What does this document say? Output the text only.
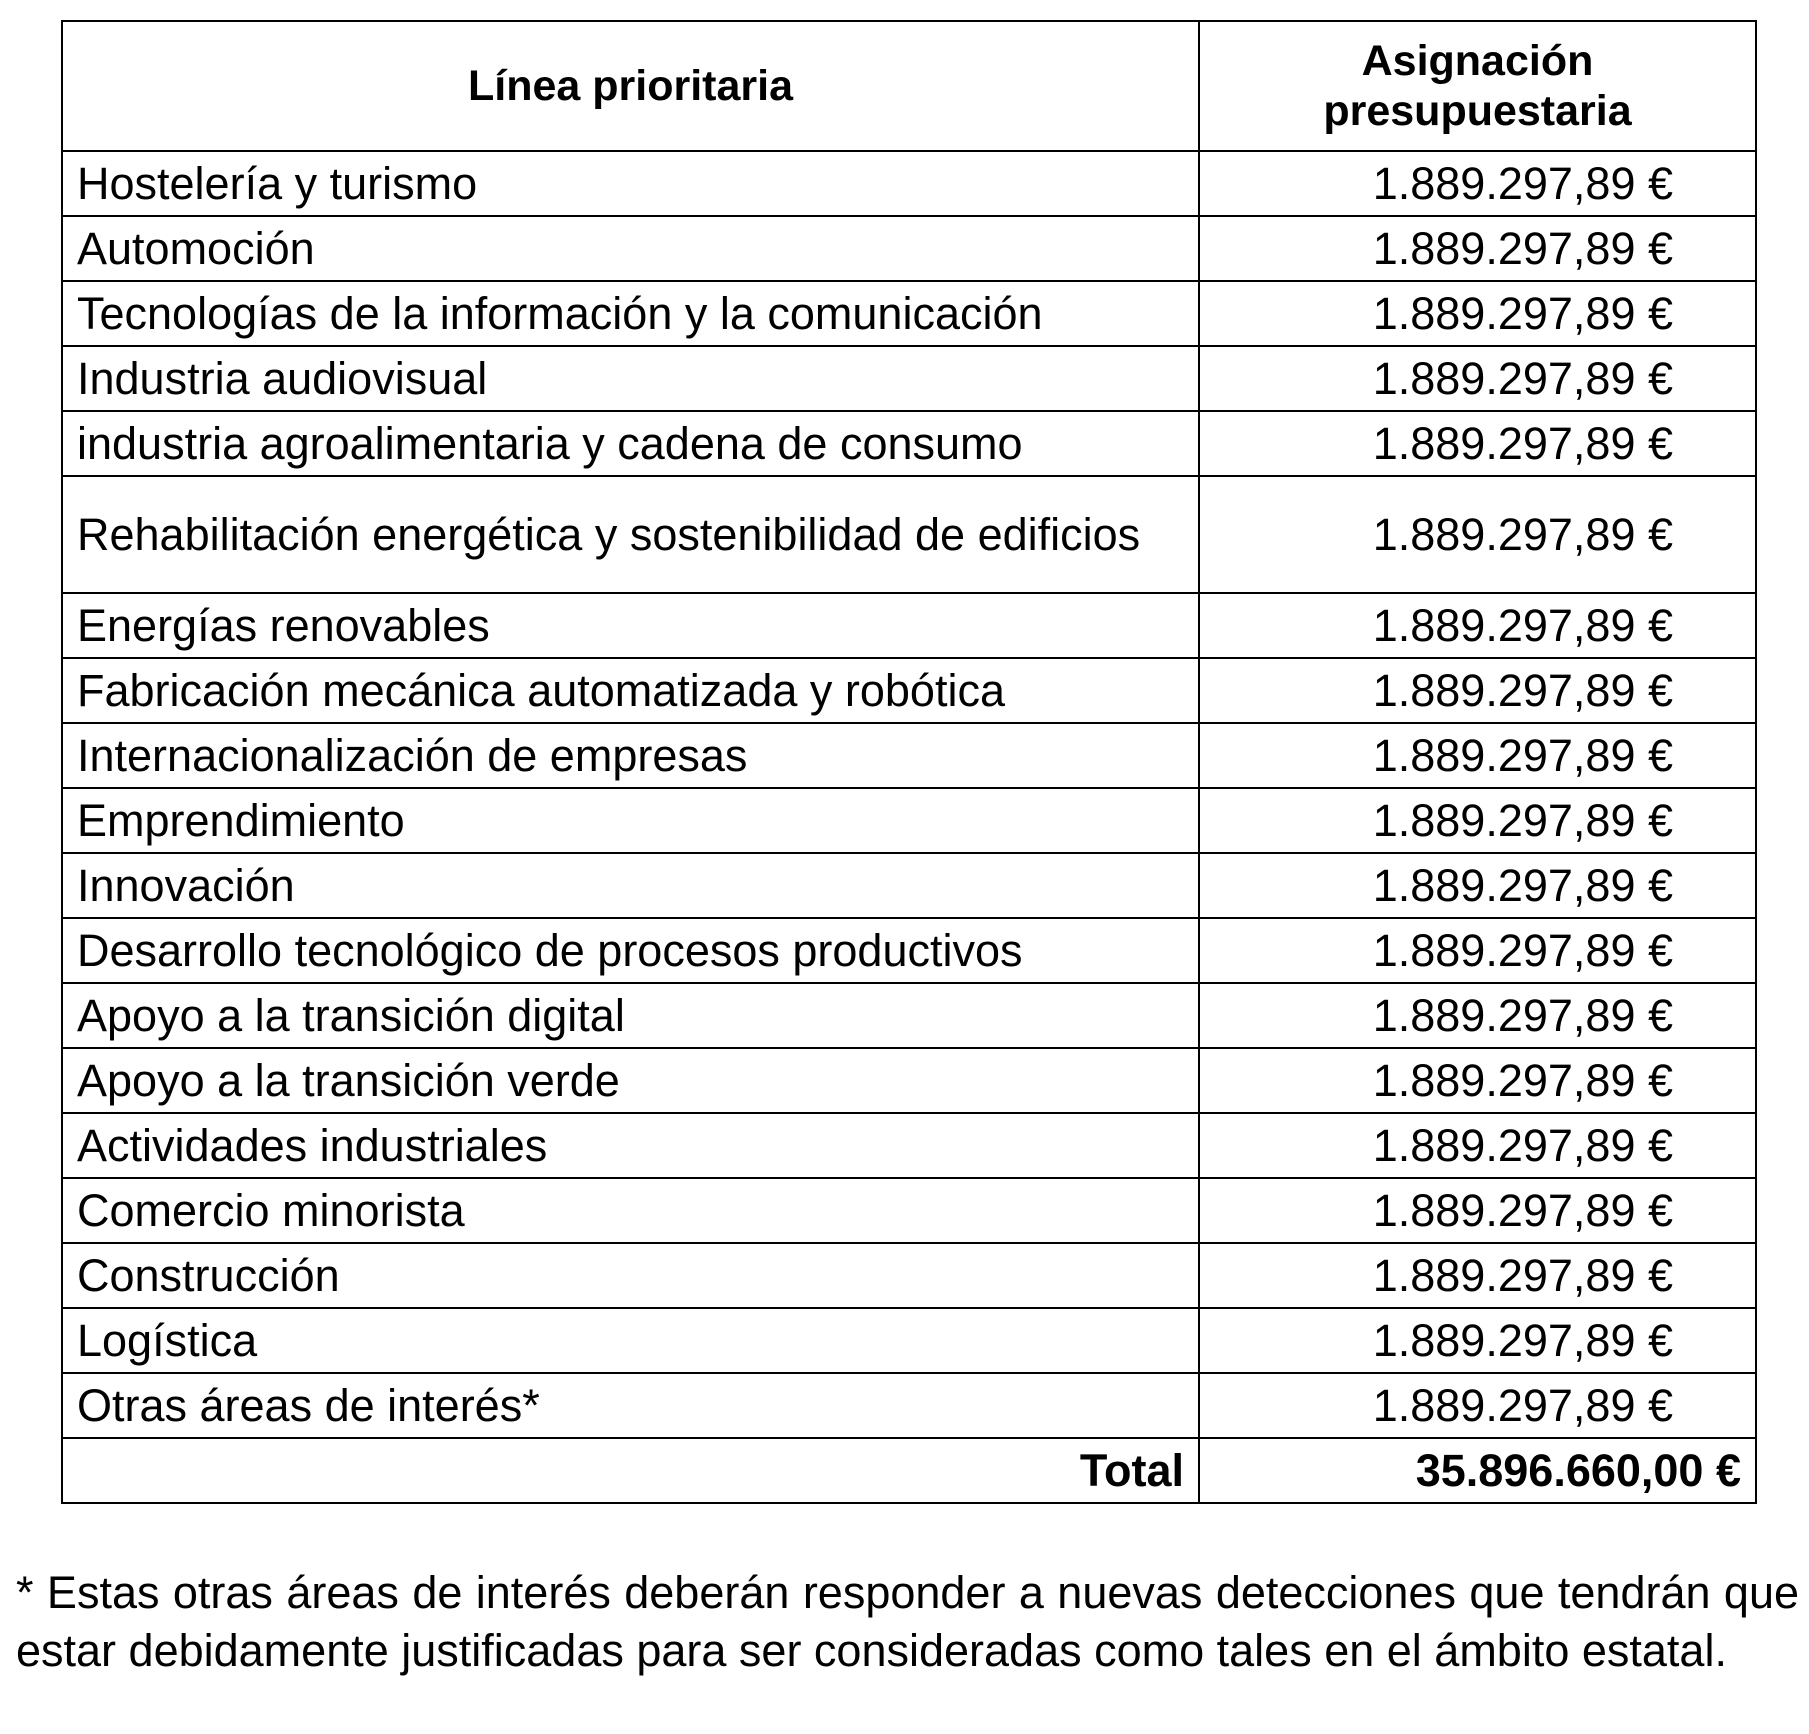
Línea prioritaria	Asignación
presupuestaria
Hostelería y turismo	1.889.297,89 €
Automoción	1.889.297,89 €
Tecnologías de la información y la comunicación	1.889.297,89 €
Industria audiovisual	1.889.297,89 €
industria agroalimentaria y cadena de consumo	1.889.297,89 €
Rehabilitación energética y sostenibilidad de edificios	1.889.297,89 €
Energías renovables	1.889.297,89 €
Fabricación mecánica automatizada y robótica	1.889.297,89 €
Internacionalización de empresas	1.889.297,89 €
Emprendimiento	1.889.297,89 €
Innovación	1.889.297,89 €
Desarrollo tecnológico de procesos productivos	1.889.297,89 €
Apoyo a la transición digital	1.889.297,89 €
Apoyo a la transición verde	1.889.297,89 €
Actividades industriales	1.889.297,89 €
Comercio minorista	1.889.297,89 €
Construcción	1.889.297,89 €
Logística	1.889.297,89 €
Otras áreas de interés*	1.889.297,89 €
Total	35.896.660,00 €

* Estas otras áreas de interés deberán responder a nuevas detecciones que tendrán que estar debidamente justificadas para ser consideradas como tales en el ámbito estatal.
